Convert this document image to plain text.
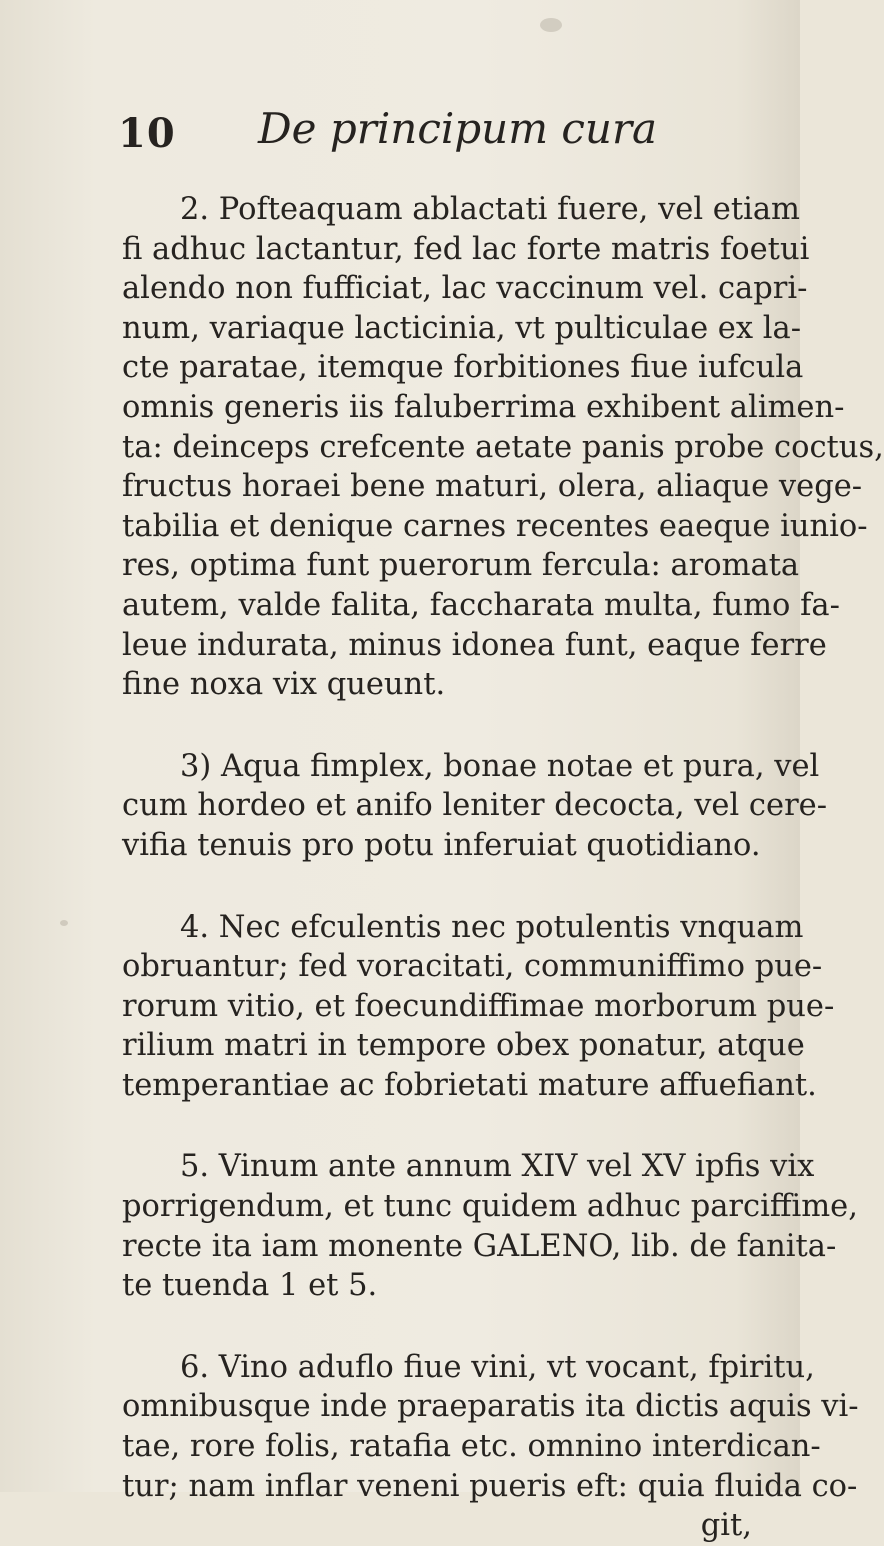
10 De principum cura
2. Pofteaquam ablactati fuere, vel etiam
fi adhuc lactantur, fed lac forte matris foetui
alendo non fufficiat, lac vaccinum vel. capri-
num, variaque lacticinia, vt pulticulae ex la-
cte paratae, itemque forbitiones fiue iufcula
omnis generis iis faluberrima exhibent alimen-
ta: deinceps crefcente aetate panis probe coctus,
fructus horaei bene maturi, olera, aliaque vege-
tabilia et denique carnes recentes eaeque iunio-
res, optima funt puerorum fercula: aromata
autem, valde falita, faccharata multa, fumo fa-
leue indurata, minus idonea funt, eaque ferre
fine noxa vix queunt.
3) Aqua fimplex, bonae notae et pura, vel
cum hordeo et anifo leniter decocta, vel cere-
vifia tenuis pro potu inferuiat quotidiano.
4. Nec efculentis nec potulentis vnquam
obruantur; fed voracitati, communiffimo pue-
rorum vitio, et foecundiffimae morborum pue-
rilium matri in tempore obex ponatur, atque
temperantiae ac fobrietati mature affuefiant.
5. Vinum ante annum XIV vel XV ipfis vix
porrigendum, et tunc quidem adhuc parciffime,
recte ita iam monente GALENO, lib. de fanita-
te tuenda 1 et 5.
6. Vino aduflo fiue vini, vt vocant, fpiritu,
omnibusque inde praeparatis ita dictis aquis vi-
tae, rore folis, ratafia etc. omnino interdican-
tur; nam inflar veneni pueris eft: quia fluida co-
git,
